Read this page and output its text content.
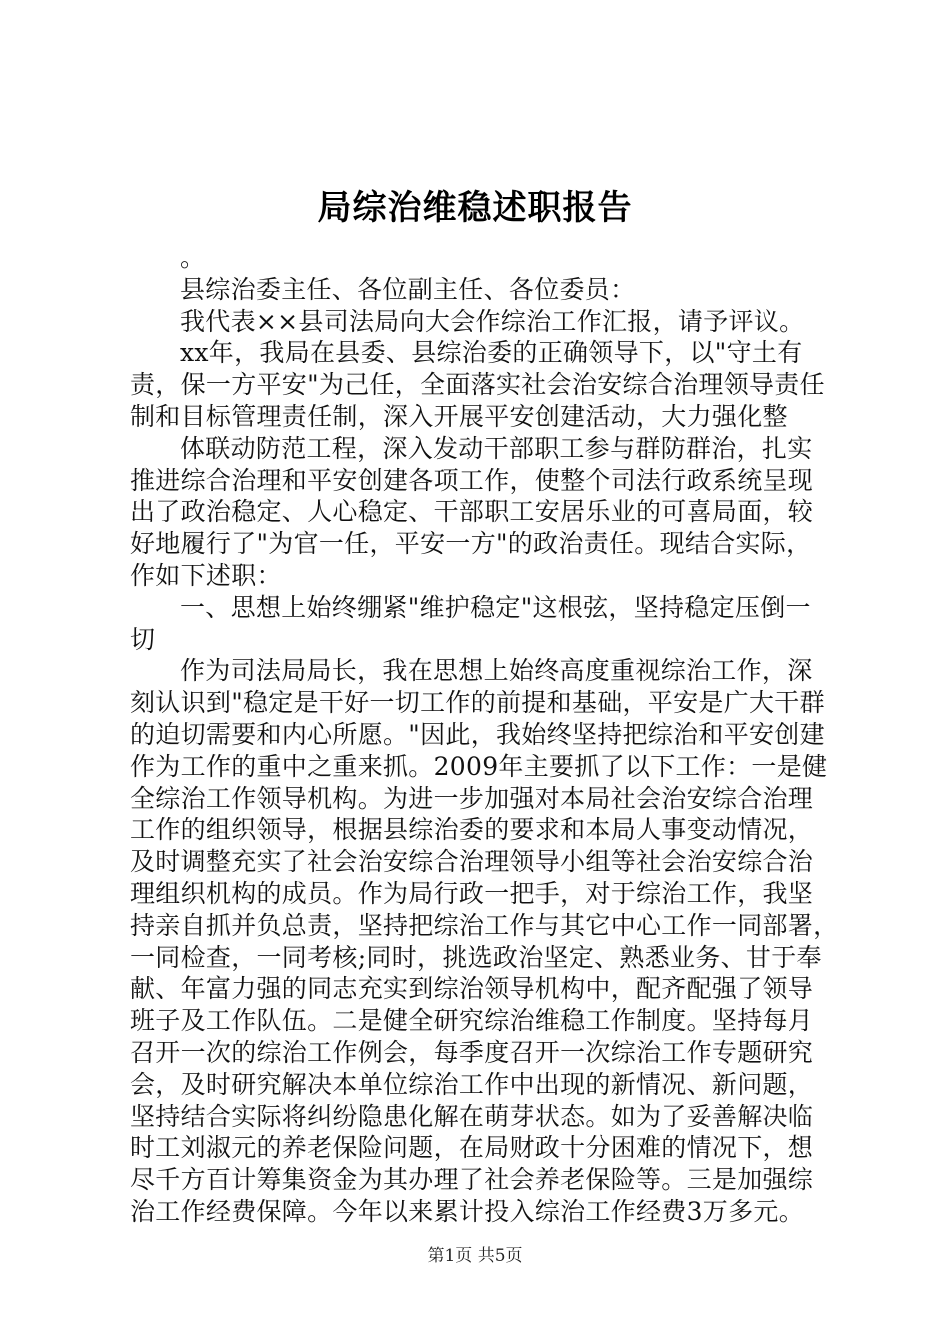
局综治维稳述职报告
。
县综治委主任、各位副主任、各位委员：
我代表××县司法局向大会作综治工作汇报，请予评议。
xx年，我局在县委、县综治委的正确领导下，以"守土有
责，保一方平安"为己任，全面落实社会治安综合治理领导责任
制和目标管理责任制，深入开展平安创建活动，大力强化整
体联动防范工程，深入发动干部职工参与群防群治，扎实
推进综合治理和平安创建各项工作，使整个司法行政系统呈现
出了政治稳定、人心稳定、干部职工安居乐业的可喜局面，较
好地履行了"为官一任，平安一方"的政治责任。现结合实际，
作如下述职：
一、思想上始终绷紧"维护稳定"这根弦，坚持稳定压倒一
切
作为司法局局长，我在思想上始终高度重视综治工作，深
刻认识到"稳定是干好一切工作的前提和基础，平安是广大干群
的迫切需要和内心所愿。"因此，我始终坚持把综治和平安创建
作为工作的重中之重来抓。2009年主要抓了以下工作：一是健
全综治工作领导机构。为进一步加强对本局社会治安综合治理
工作的组织领导，根据县综治委的要求和本局人事变动情况，
及时调整充实了社会治安综合治理领导小组等社会治安综合治
理组织机构的成员。作为局行政一把手，对于综治工作，我坚
持亲自抓并负总责，坚持把综治工作与其它中心工作一同部署，
一同检查，一同考核;同时，挑选政治坚定、熟悉业务、甘于奉
献、年富力强的同志充实到综治领导机构中，配齐配强了领导
班子及工作队伍。二是健全研究综治维稳工作制度。坚持每月
召开一次的综治工作例会，每季度召开一次综治工作专题研究
会，及时研究解决本单位综治工作中出现的新情况、新问题，
坚持结合实际将纠纷隐患化解在萌芽状态。如为了妥善解决临
时工刘淑元的养老保险问题，在局财政十分困难的情况下，想
尽千方百计筹集资金为其办理了社会养老保险等。三是加强综
治工作经费保障。今年以来累计投入综治工作经费3万多元。
第1页 共5页
